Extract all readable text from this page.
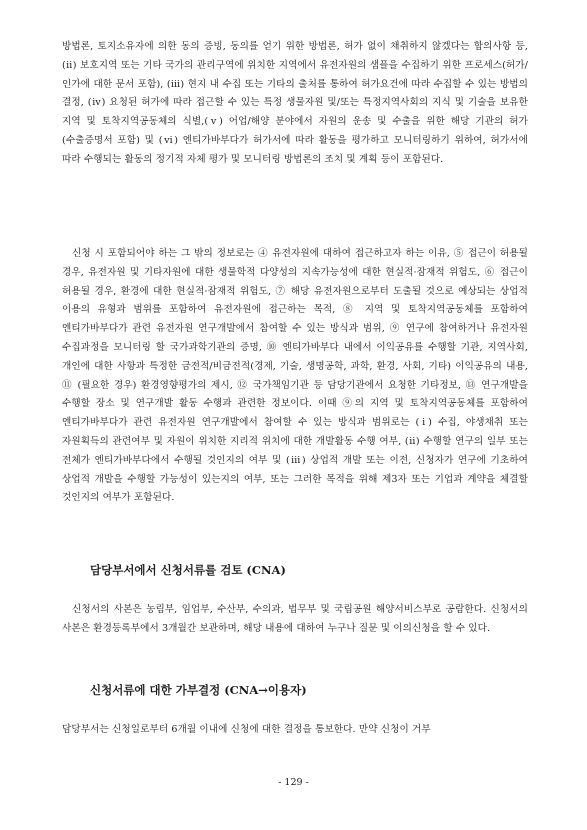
방법론, 토지소유자에 의한 동의 증빙, 동의를 얻기 위한 방법론, 허가 없이 채취하지 않겠다는 합의사항 등, (ⅱ) 보호지역 또는 기타 국가의 관리구역에 위치한 지역에서 유전자원의 샘플을 수집하기 위한 프로세스(허가/인가에 대한 문서 포함), (ⅲ) 현지 내 수집 또는 기타의 출처를 통하여 허가요건에 따라 수집할 수 있는 방법의 결정, (ⅳ) 요청된 허가에 따라 접근할 수 있는 특정 생물자원 및/또는 특정지역사회의 지식 및 기술을 보유한 지역 및 토착지역공동체의 식별,(ⅴ) 어업/해양 분야에서 자원의 운송 및 수출을 위한 해당 기관의 허가(수출증명서 포함) 및 (ⅵ) 엔티가바부다가 허가서에 따라 활동을 평가하고 모니터링하기 위하여, 허가서에 따라 수행되는 활동의 정기적 자체 평가 및 모니터링 방법론의 조치 및 계획 등이 포함된다.

신청 시 포함되어야 하는 그 밖의 정보로는 ④ 유전자원에 대하여 접근하고자 하는 이유, ⑤ 접근이 허용될 경우, 유전자원 및 기타자원에 대한 생물학적 다양성의 지속가능성에 대한 현실적·잠재적 위험도, ⑥ 접근이 허용될 경우, 환경에 대한 현실적·잠재적 위험도, ⑦ 해당 유전자원으로부터 도출될 것으로 예상되는 상업적 이용의 유형과 범위를 포함하여 유전자원에 접근하는 목적, ⑧ 지역 및 토착지역공동체를 포함하여 엔티가바부다가 관련 유전자원 연구개발에서 참여할 수 있는 방식과 범위, ⑨ 연구에 참여하거나 유전자원 수집과정을 모니터링 할 국가과학기관의 증명, ⑩ 엔티가바부다 내에서 이익공유를 수행할 기관, 지역사회, 개인에 대한 사항과 특정한 금전적/비금전적(경제, 기술, 생명공학, 과학, 환경, 사회, 기타) 이익공유의 내용, ⑪ (필요한 경우) 환경영향평가의 제시, ⑫ 국가책임기관 등 담당기관에서 요청한 기타정보, ⑬ 연구개발을 수행할 장소 및 연구개발 활동 수행과 관련한 정보이다. 이때 ⑨의 지역 및 토착지역공동체를 포함하여 엔티가바부다가 관련 유전자원 연구개발에서 참여할 수 있는 방식과 범위로는 (ⅰ) 수집, 야생채취 또는 자원획득의 관련여부 및 자원이 위치한 지리적 위치에 대한 개발활동 수행 여부, (ⅱ) 수행할 연구의 일부 또는 전체가 엔티가바부다에서 수행될 것인지의 여부 및 (ⅲ) 상업적 개발 또는 이전, 신청자가 연구에 기초하여 상업적 개발을 수행할 가능성이 있는지의 여부, 또는 그러한 목적을 위해 제3자 또는 기업과 계약을 체결할 것인지의 여부가 포함된다.

담당부서에서 신청서류를 검토 (CNA)

신청서의 사본은 농림부, 임업부, 수산부, 수의과, 법무부 및 국립공원 해양서비스부로 공람한다. 신청서의 사본은 환경등록부에서 3개월간 보관하며, 해당 내용에 대하여 누구나 질문 및 이의신청을 할 수 있다.

신청서류에 대한 가부결정 (CNA→이용자)

담당부서는 신청일로부터 6개월 이내에 신청에 대한 결정을 통보한다. 만약 신청이 거부

- 129 -
